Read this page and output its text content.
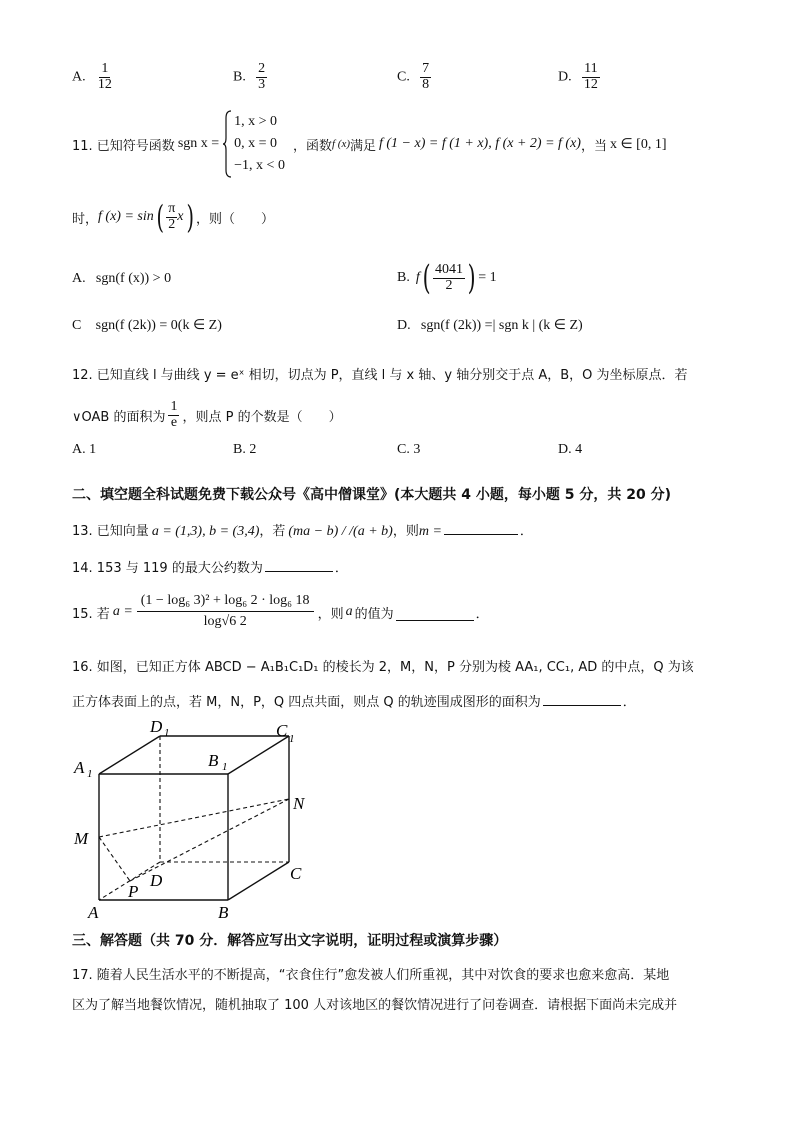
A. $\frac{1}{12}$	B. $\frac{2}{3}$	C. $\frac{7}{8}$	D. $\frac{11}{12}$
11. 已知符号函数 sgn x =
1, x > 0
0, x = 0
−1, x < 0
，函数 f (x) 满足 f (1 − x) = f (1 + x), f (x + 2) = f (x) ，当 x ∈ [0, 1]
时， f (x) = sin ( $\frac{\pi}{2}$ x ) ，则（　　）
A. sgn(f (x)) > 0	B. f ( $\frac{4041}{2}$ ) = 1
C sgn(f (2k)) = 0(k ∈ Z)	D. sgn(f (2k)) =| sgn k | (k ∈ Z)
12. 已知直线 l 与曲线 y = eˣ 相切，切点为 P，直线 l 与 x 轴、y 轴分别交于点 A，B，O 为坐标原点．若
∨OAB 的面积为 $\frac{1}{e}$ ，则点 P 的个数是（　　）
A. 1	B. 2	C. 3	D. 4
二、填空题全科试题免费下载公众号《高中僧课堂》(本大题共 4 小题，每小题 5 分，共 20 分)
13. 已知向量 a = (1,3), b = (3,4) ，若 (ma − b) / /(a + b) ，则 m =	．
14. 153 与 119 的最大公约数为	．
15. 若 $a = \frac{\text{(1 − log₆ 3)² + log₆ 2 · log₆ 18}}{\log√6 2}$ ，则 a 的值为	．
16. 如图，已知正方体 ABCD − A₁B₁C₁D₁ 的棱长为 2，M，N，P 分别为棱 AA₁, CC₁, AD 的中点，Q 为该
正方体表面上的点，若 M，N，P，Q 四点共面，则点 Q 的轨迹围成图形的面积为	．
D 1
B 1
C 1
A 1
N
M
P
D	C
A	B
三、解答题（共 70 分．解答应写出文字说明，证明过程或演算步骤）
17. 随着人民生活水平的不断提高，“衣食住行”愈发被人们所重视，其中对饮食的要求也愈来愈高．某地
区为了解当地餐饮情况，随机抽取了 100 人对该地区的餐饮情况进行了问卷调查．请根据下面尚未完成并
